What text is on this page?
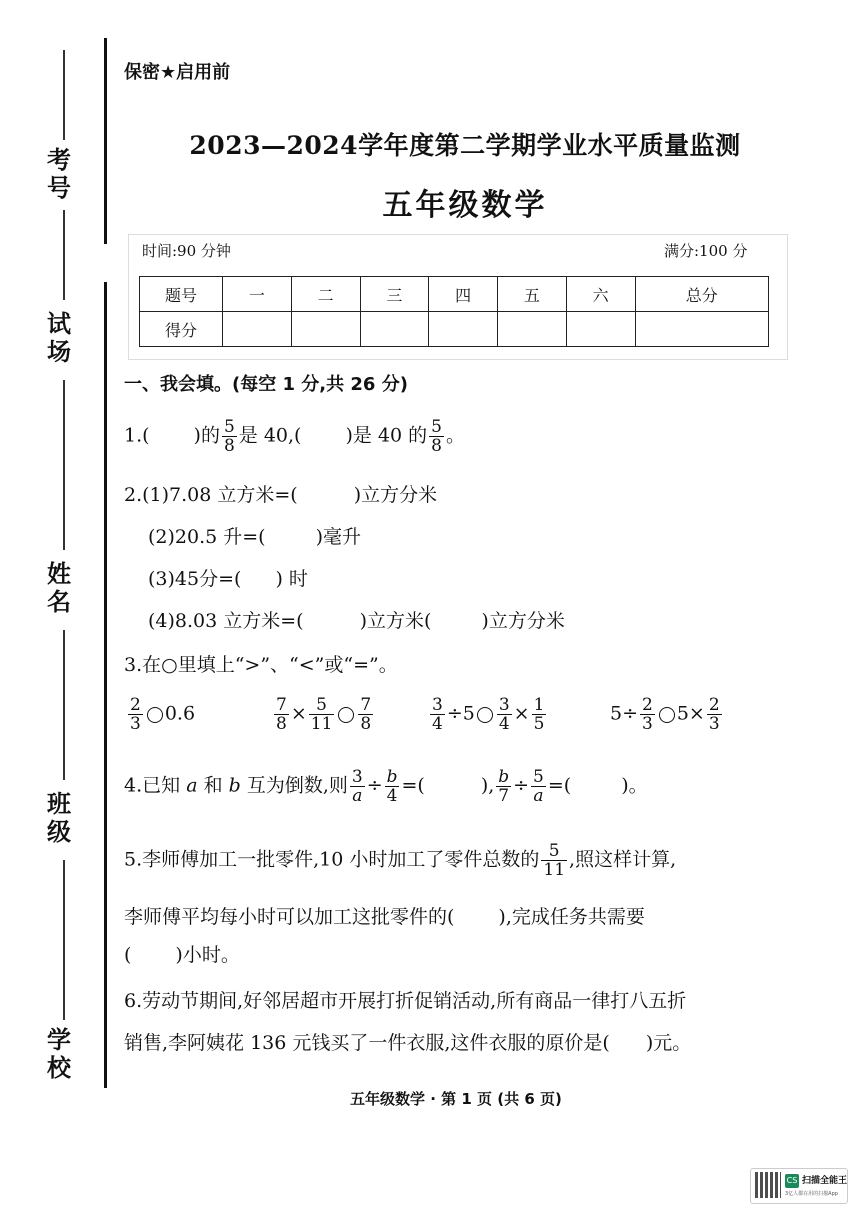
考号
试场
姓名
班级
学校
保密★启用前
2023—2024学年度第二学期学业水平质量监测
五年级数学
时间:90 分钟	满分:100 分
题号	一	二	三	四	五	六	总分
得分							
一、我会填。(每空 1 分,共 26 分)
1.( )的 $\frac{5}{8}$ 是 40,( )是 40 的 $\frac{5}{8}$ 。
2.(1)7.08 立方米=(	)立方分米
(2)20.5 升=(	)毫升
(3)45分=( ) 时
(4)8.03 立方米=(	)立方米(	)立方分米
3.在○里填上“>”、“<”或“=”。
$\frac{2}{3} 0.6$	$\frac{7}{8} \times \frac{5}{11} \frac{7}{8}$	$\frac{3}{4} \div 5 \frac{3}{4} \times \frac{1}{5}$	$5\div \frac{2}{3} 5\times \frac{2}{3}$
4.已知 a 和 b 互为倒数,则 $\frac{3}{a} \div \frac{b}{4}$ =(	), $\frac{b}{7} \div \frac{5}{a}$ =(	)。
5.李师傅加工一批零件,10 小时加工了零件总数的 $\frac{5}{11}$ ,照这样计算,
李师傅平均每小时可以加工这批零件的( ),完成任务共需要
( )小时。
6.劳动节期间,好邻居超市开展打折促销活动,所有商品一律打八五折
销售,李阿姨花 136 元钱买了一件衣服,这件衣服的原价是( )元。
五年级数学 · 第 1 页 (共 6 页)
CS 扫描全能王
3亿人都在用的扫描App
